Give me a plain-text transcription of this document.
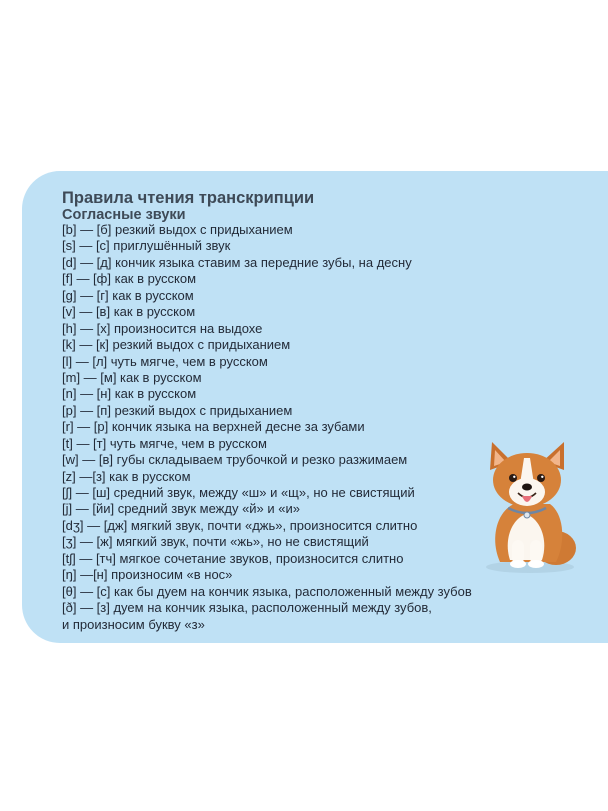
Правила чтения транскрипции
Согласные звуки
[b] — [б] резкий выдох с придыханием
[s] — [с] приглушённый звук
[d] — [д] кончик языка ставим за передние зубы, на десну
[f] — [ф] как в русском
[g] — [г] как в русском
[v] — [в] как в русском
[h] — [х] произносится на выдохе
[k] — [к] резкий выдох с придыханием
[l] — [л] чуть мягче, чем в русском
[m] — [м] как в русском
[n] — [н] как в русском
[p] — [п] резкий выдох с придыханием
[r] — [р] кончик языка на верхней десне за зубами
[t] — [т] чуть мягче, чем в русском
[w] — [в] губы складываем трубочкой и резко разжимаем
[z] —[з] как в русском
[ʃ] — [ш] средний звук, между «ш» и «щ», но не свистящий
[j] — [йи] средний звук между «й» и «и»
[dʒ] — [дж] мягкий звук, почти «джь», произносится слитно
[ʒ] — [ж] мягкий звук, почти «жь», но не свистящий
[tʃ] — [тч] мягкое сочетание звуков, произносится слитно
[ŋ] —[н] произносим «в нос»
[θ] — [с] как бы дуем на кончик языка, расположенный между зубов
[ð] — [з] дуем на кончик языка, расположенный между зубов,
и произносим букву «з»
